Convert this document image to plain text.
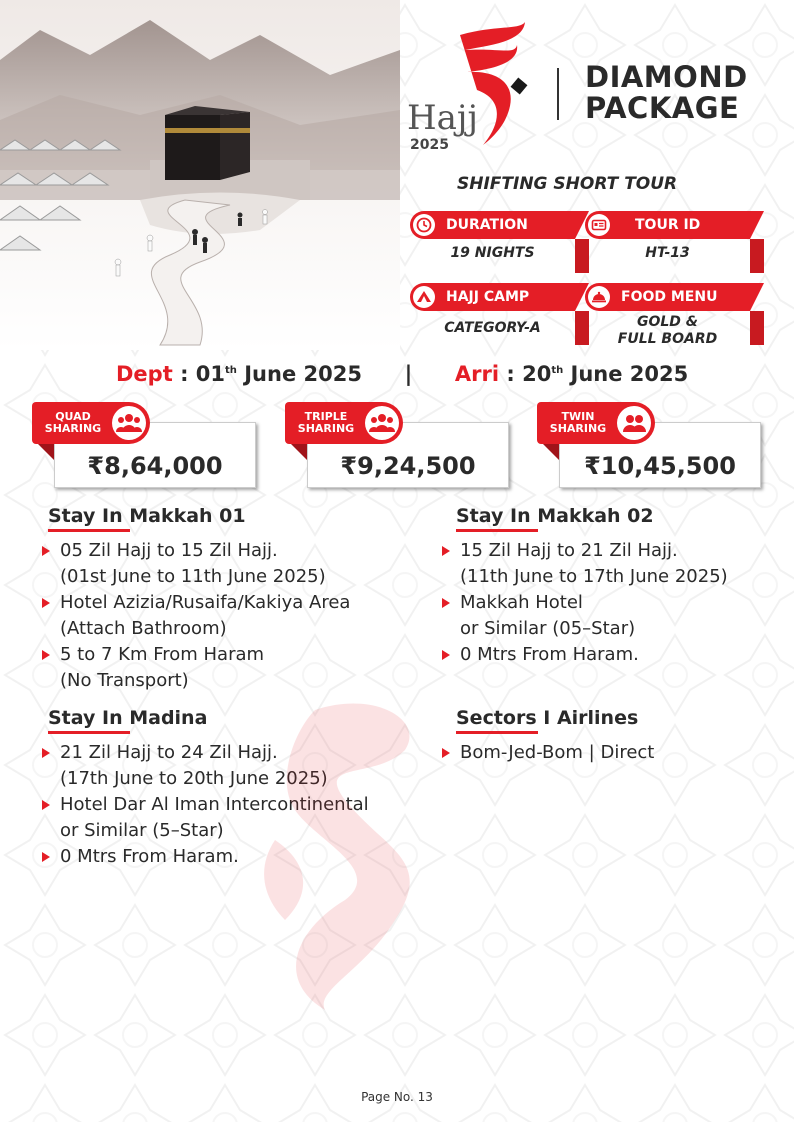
Hajj
2025
DIAMOND
PACKAGE
SHIFTING SHORT TOUR
DURATION
19 NIGHTS
TOUR ID
HT-13
HAJJ CAMP
CATEGORY-A
FOOD MENU
GOLD &
FULL BOARD
Dept : 01th June 2025 | Arri : 20th June 2025
₹8,64,000
QUAD
SHARING
₹9,24,500
TRIPLE
SHARING
₹10,45,500
TWIN
SHARING
Stay In Makkah 01
05 Zil Hajj to 15 Zil Hajj.
(01st June to 11th June 2025)
Hotel Azizia/Rusaifa/Kakiya Area
(Attach Bathroom)
5 to 7 Km From Haram
(No Transport)
Stay In Makkah 02
15 Zil Hajj to 21 Zil Hajj.
(11th June to 17th June 2025)
Makkah Hotel
or Similar (05–Star)
0 Mtrs From Haram.
Stay In Madina
21 Zil Hajj to 24 Zil Hajj.
(17th June to 20th June 2025)
Hotel Dar Al Iman Intercontinental
or Similar (5–Star)
0 Mtrs From Haram.
Sectors I Airlines
Bom-Jed-Bom | Direct
Page No. 13
